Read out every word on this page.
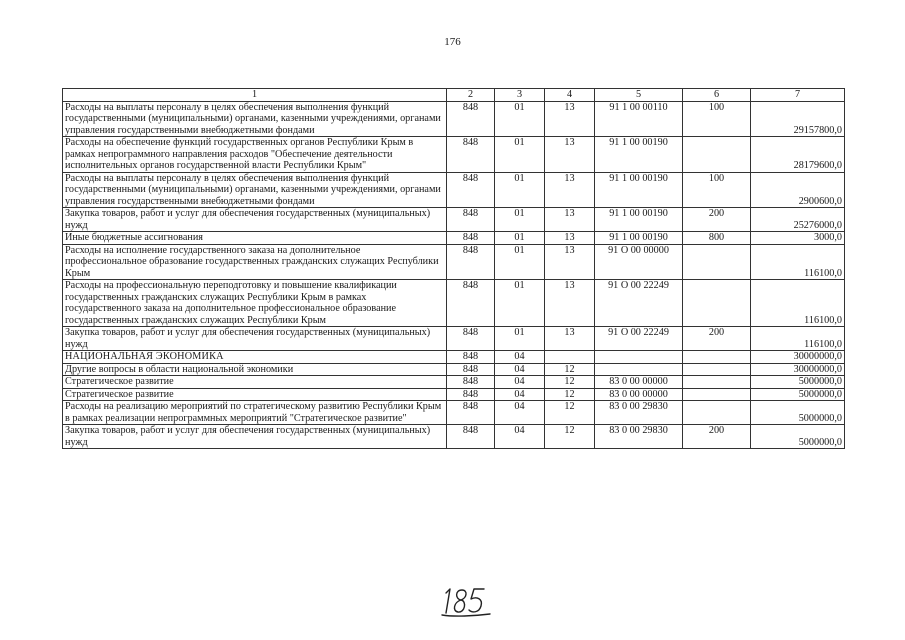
176
1	2	3	4	5	6	7
Расходы на выплаты персоналу в целях обеспечения выполнения функций государственными (муниципальными) органами, казенными учреждениями, органами управления государственными внебюджетными фондами	848	01	13	91 1 00 00110	100	29157800,0
Расходы на обеспечение функций государственных органов Республики Крым в рамках непрограммного направления расходов "Обеспечение деятельности исполнительных органов государственной власти Республики Крым"	848	01	13	91 1 00 00190		28179600,0
Расходы на выплаты персоналу в целях обеспечения выполнения функций государственными (муниципальными) органами, казенными учреждениями, органами управления государственными внебюджетными фондами	848	01	13	91 1 00 00190	100	2900600,0
Закупка товаров, работ и услуг для обеспечения государственных (муниципальных) нужд	848	01	13	91 1 00 00190	200	25276000,0
Иные бюджетные ассигнования	848	01	13	91 1 00 00190	800	3000,0
Расходы на исполнение государственного заказа на дополнительное профессиональное образование государственных гражданских служащих Республики Крым	848	01	13	91 О 00 00000		116100,0
Расходы на профессиональную переподготовку и повышение квалификации государственных гражданских служащих Республики Крым в рамках государственного заказа на дополнительное профессиональное образование государственных гражданских служащих Республики Крым	848	01	13	91 О 00 22249		116100,0
Закупка товаров, работ и услуг для обеспечения государственных (муниципальных) нужд	848	01	13	91 О 00 22249	200	116100,0
НАЦИОНАЛЬНАЯ ЭКОНОМИКА	848	04				30000000,0
Другие вопросы в области национальной экономики	848	04	12			30000000,0
Стратегическое развитие	848	04	12	83 0 00 00000		5000000,0
Стратегическое развитие	848	04	12	83 0 00 00000		5000000,0
Расходы на реализацию мероприятий по стратегическому развитию Республики Крым в рамках реализации непрограммных мероприятий "Стратегическое развитие"	848	04	12	83 0 00 29830		5000000,0
Закупка товаров, работ и услуг для обеспечения государственных (муниципальных) нужд	848	04	12	83 0 00 29830	200	5000000,0
